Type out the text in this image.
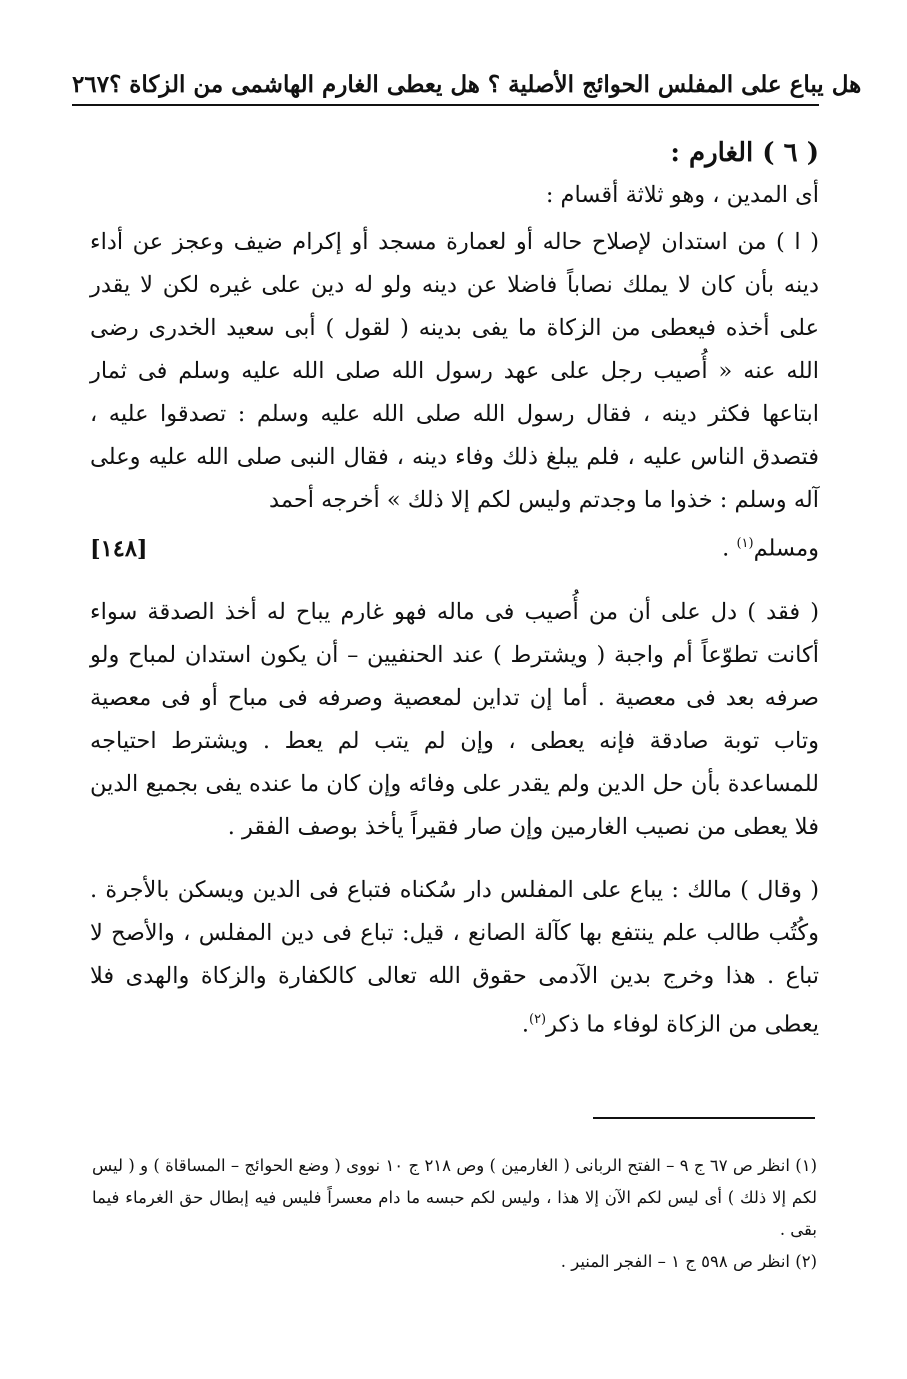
٢٦٧ هل يباع على المفلس الحوائج الأصلية ؟ هل يعطى الغارم الهاشمى من الزكاة ؟
( ٦ ) الغارم :
أى المدين ، وهو ثلاثة أقسام :

( ا ) من استدان لإصلاح حاله أو لعمارة مسجد أو إكرام ضيف وعجز عن أداء دينه بأن كان لا يملك نصاباً فاضلا عن دينه ولو له دين على غيره لكن لا يقدر على أخذه فيعطى من الزكاة ما يفى بدينه ( لقول ) أبى سعيد الخدرى رضى الله عنه « أُصيب رجل على عهد رسول الله صلى الله عليه وسلم فى ثمار ابتاعها فكثر دينه ، فقال رسول الله صلى الله عليه وسلم : تصدقوا عليه ، فتصدق الناس عليه ، فلم يبلغ ذلك وفاء دينه ، فقال النبى صلى الله عليه وعلى آله وسلم : خذوا ما وجدتم وليس لكم إلا ذلك » أخرجه أحمد

ومسلم$^{(١)}$ .
[١٤٨]

( فقد ) دل على أن من أُصيب فى ماله فهو غارم يباح له أخذ الصدقة سواء أكانت تطوّعاً أم واجبة ( ويشترط ) عند الحنفيين – أن يكون استدان لمباح ولو صرفه بعد فى معصية . أما إن تداين لمعصية وصرفه فى مباح أو فى معصية وتاب توبة صادقة فإنه يعطى ، وإن لم يتب لم يعط . ويشترط احتياجه للمساعدة بأن حل الدين ولم يقدر على وفائه وإن كان ما عنده يفى بجميع الدين فلا يعطى من نصيب الغارمين وإن صار فقيراً يأخذ بوصف الفقر .

( وقال ) مالك : يباع على المفلس دار سُكناه فتباع فى الدين ويسكن بالأجرة . وكُتُب طالب علم ينتفع بها كآلة الصانع ، قيل: تباع فى دين المفلس ، والأصح لا تباع . هذا وخرج بدين الآدمى حقوق الله تعالى كالكفارة والزكاة والهدى فلا يعطى من الزكاة لوفاء ما ذكر$^{(٢)}$.

(١) انظر ص ٦٧ ج ٩ – الفتح الربانى ( الغارمين ) وص ٢١٨ ج ١٠ نووى ( وضع الحوائج – المساقاة ) و ( ليس لكم إلا ذلك ) أى ليس لكم الآن إلا هذا ، وليس لكم حبسه ما دام معسراً فليس فيه إبطال حق الغرماء فيما بقى .

(٢) انظر ص ٥٩٨ ج ١ – الفجر المنير .
